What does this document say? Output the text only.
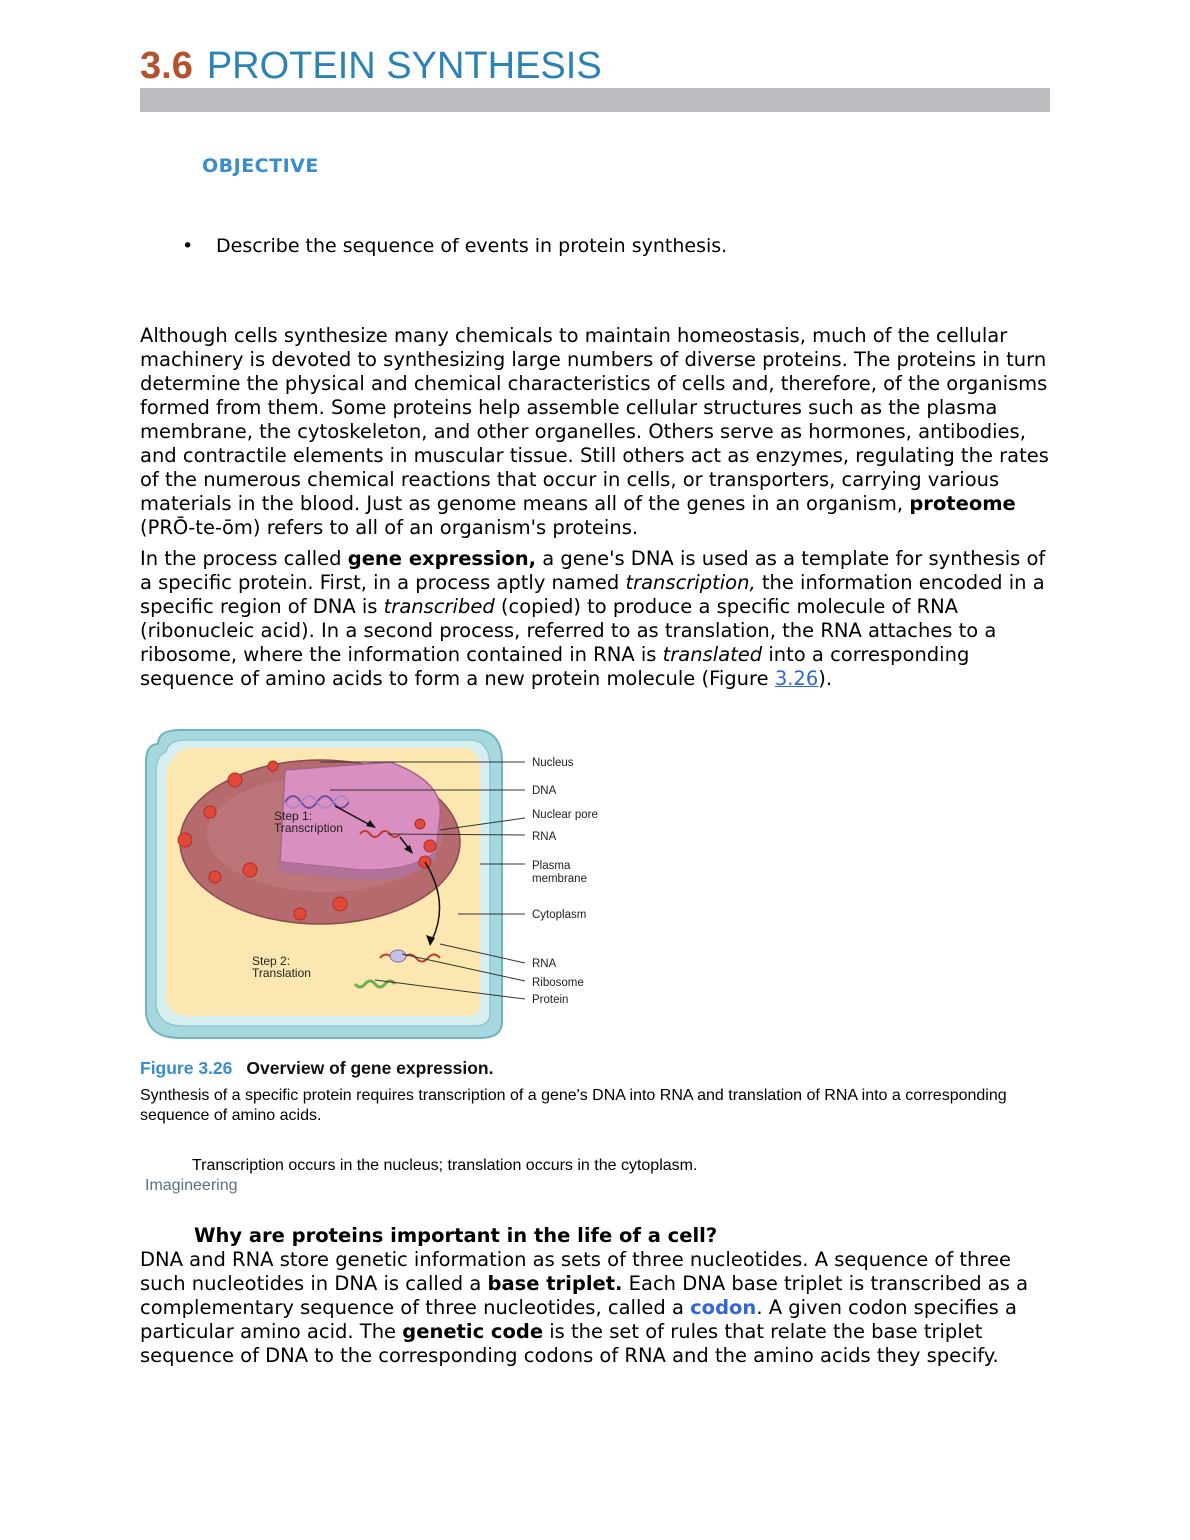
3.6 PROTEIN SYNTHESIS
OBJECTIVE
• Describe the sequence of events in protein synthesis.

Although cells synthesize many chemicals to maintain homeostasis, much of the cellular machinery is devoted to synthesizing large numbers of diverse proteins. The proteins in turn determine the physical and chemical characteristics of cells and, therefore, of the organisms formed from them. Some proteins help assemble cellular structures such as the plasma membrane, the cytoskeleton, and other organelles. Others serve as hormones, antibodies, and contractile elements in muscular tissue. Still others act as enzymes, regulating the rates of the numerous chemical reactions that occur in cells, or transporters, carrying various materials in the blood. Just as genome means all of the genes in an organism, proteome (PRŌ-te-ōm) refers to all of an organism's proteins.

In the process called gene expression, a gene's DNA is used as a template for synthesis of a specific protein. First, in a process aptly named transcription, the information encoded in a specific region of DNA is transcribed (copied) to produce a specific molecule of RNA (ribonucleic acid). In a second process, referred to as translation, the RNA attaches to a ribosome, where the information contained in RNA is translated into a corresponding sequence of amino acids to form a new protein molecule (Figure 3.26).

Step 1:
Transcription
Step 2:
Translation
Nucleus
DNA
Nuclear pore
RNA
Plasma
membrane
Cytoplasm
RNA
Ribosome
Protein
Figure 3.26 Overview of gene expression.

Synthesis of a specific protein requires transcription of a gene's DNA into RNA and translation of RNA into a corresponding sequence of amino acids.

Transcription occurs in the nucleus; translation occurs in the cytoplasm.
Imagineering
Why are proteins important in the life of a cell?

DNA and RNA store genetic information as sets of three nucleotides. A sequence of three such nucleotides in DNA is called a base triplet. Each DNA base triplet is transcribed as a complementary sequence of three nucleotides, called a codon. A given codon specifies a particular amino acid. The genetic code is the set of rules that relate the base triplet sequence of DNA to the corresponding codons of RNA and the amino acids they specify.
